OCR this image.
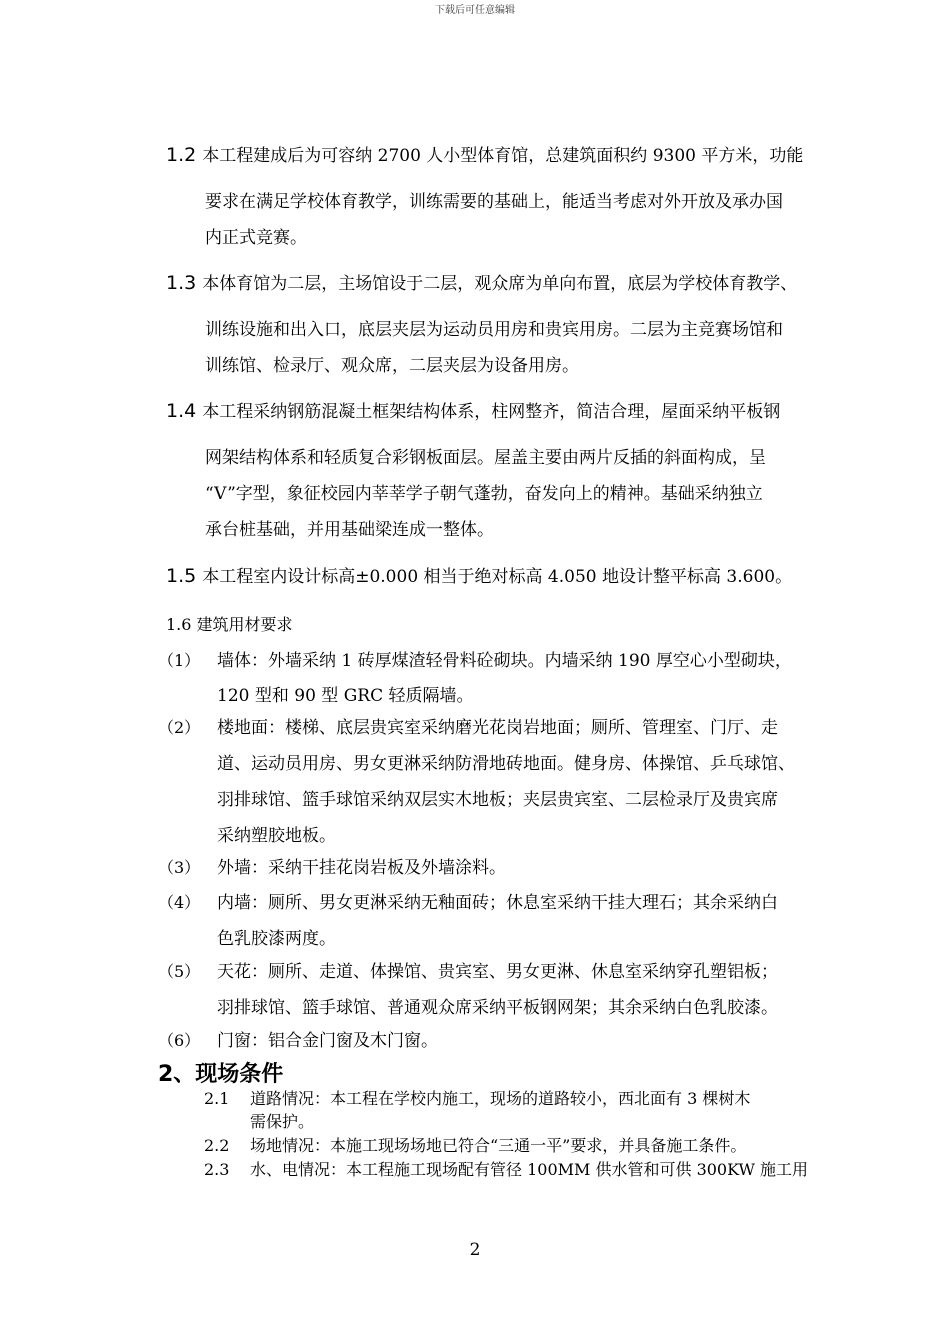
下载后可任意编辑
1.2 本工程建成后为可容纳 2700 人小型体育馆，总建筑面积约 9300 平方米，功能
要求在满足学校体育教学，训练需要的基础上，能适当考虑对外开放及承办国
内正式竞赛。
1.3 本体育馆为二层，主场馆设于二层，观众席为单向布置，底层为学校体育教学、
训练设施和出入口，底层夹层为运动员用房和贵宾用房。二层为主竞赛场馆和
训练馆、检录厅、观众席，二层夹层为设备用房。
1.4 本工程采纳钢筋混凝土框架结构体系，柱网整齐，简洁合理，屋面采纳平板钢
网架结构体系和轻质复合彩钢板面层。屋盖主要由两片反插的斜面构成，呈
“V”字型，象征校园内莘莘学子朝气蓬勃，奋发向上的精神。基础采纳独立
承台桩基础，并用基础梁连成一整体。
1.5 本工程室内设计标高±0.000 相当于绝对标高 4.050 地设计整平标高 3.600。
1.6 建筑用材要求
（1） 墙体：外墙采纳 1 砖厚煤渣轻骨料砼砌块。内墙采纳 190 厚空心小型砌块，
120 型和 90 型 GRC 轻质隔墙。
（2） 楼地面：楼梯、底层贵宾室采纳磨光花岗岩地面；厕所、管理室、门厅、走
道、运动员用房、男女更淋采纳防滑地砖地面。健身房、体操馆、乒乓球馆、
羽排球馆、篮手球馆采纳双层实木地板；夹层贵宾室、二层检录厅及贵宾席
采纳塑胶地板。
（3） 外墙：采纳干挂花岗岩板及外墙涂料。
（4） 内墙：厕所、男女更淋采纳无釉面砖；休息室采纳干挂大理石；其余采纳白
色乳胶漆两度。
（5） 天花：厕所、走道、体操馆、贵宾室、男女更淋、休息室采纳穿孔塑铝板；
羽排球馆、篮手球馆、普通观众席采纳平板钢网架；其余采纳白色乳胶漆。
（6） 门窗：铝合金门窗及木门窗。
2、现场条件
2.1 道路情况：本工程在学校内施工，现场的道路较小，西北面有 3 棵树木
需保护。
2.2 场地情况：本施工现场场地已符合“三通一平”要求，并具备施工条件。
2.3 水、电情况：本工程施工现场配有管径 100MM 供水管和可供 300KW 施工用
2
